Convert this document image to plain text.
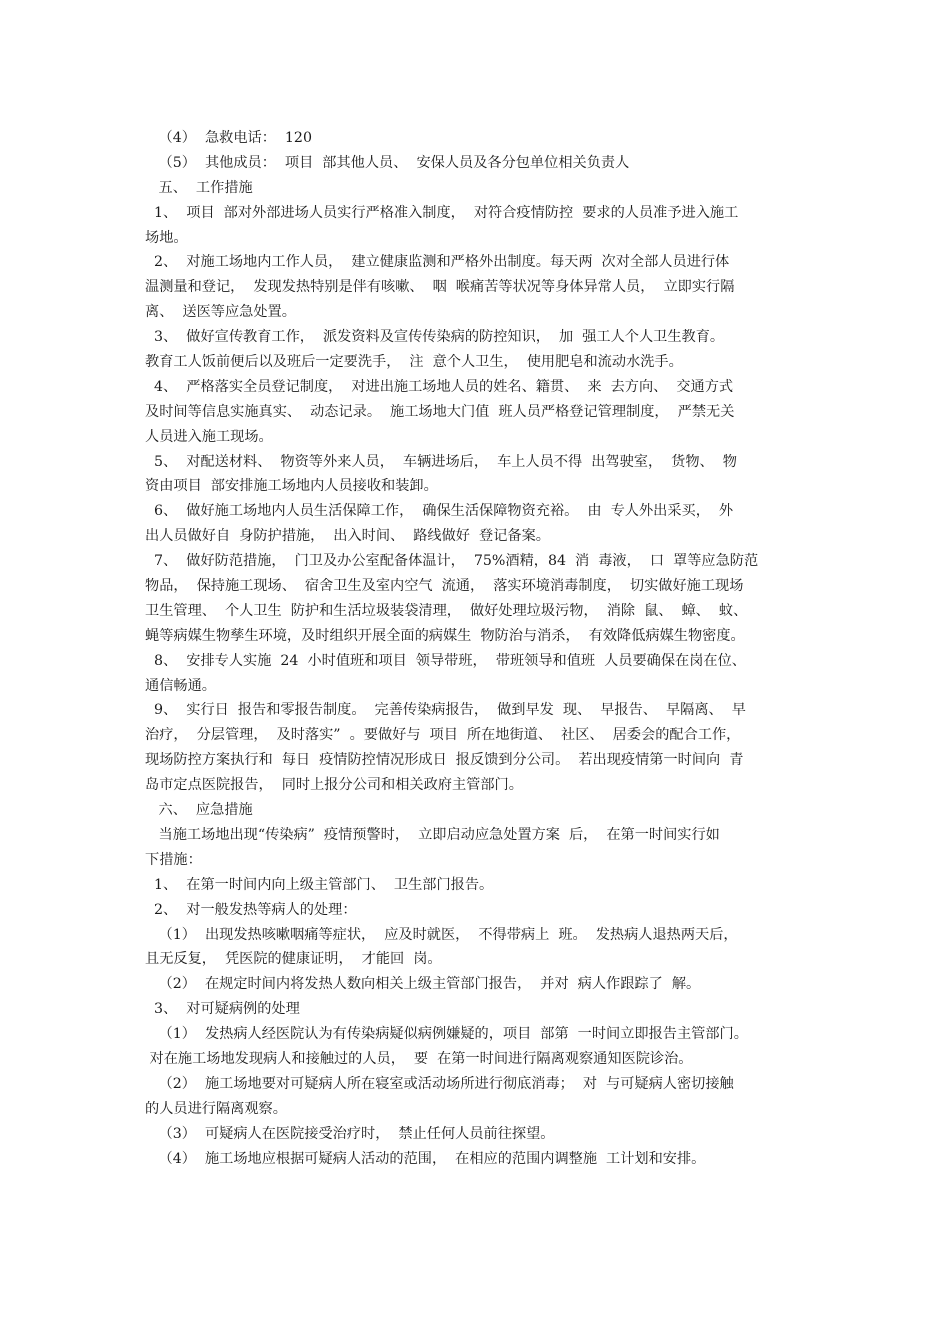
（4）  急救电话：  120
（5）  其他成员：  项目  部其他人员、  安保人员及各分包单位相关负责人
五、  工作措施
1、  项目  部对外部进场人员实行严格准入制度，  对符合疫情防控  要求的人员准予进入施工
场地。
2、  对施工场地内工作人员，  建立健康监测和严格外出制度。每天两  次对全部人员进行体
温测量和登记，  发现发热特别是伴有咳嗽、  咽  喉痛苦等状况等身体异常人员，  立即实行隔
离、  送医等应急处置。
3、  做好宣传教育工作，  派发资料及宣传传染病的防控知识，  加  强工人个人卫生教育。
教育工人饭前便后以及班后一定要洗手，  注  意个人卫生，  使用肥皂和流动水洗手。
4、  严格落实全员登记制度，  对进出施工场地人员的姓名、籍贯、  来  去方向、  交通方式
及时间等信息实施真实、  动态记录。  施工场地大门值  班人员严格登记管理制度，  严禁无关
人员进入施工现场。
5、  对配送材料、  物资等外来人员，  车辆进场后，  车上人员不得  出驾驶室，  货物、  物
资由项目  部安排施工场地内人员接收和装卸。
6、  做好施工场地内人员生活保障工作，  确保生活保障物资充裕。  由  专人外出采买，  外
出人员做好自  身防护措施，  出入时间、  路线做好  登记备案。
7、  做好防范措施，  门卫及办公室配备体温计，  75%酒精，84  消  毒液，  口  罩等应急防范
物品，  保持施工现场、  宿舍卫生及室内空气  流通，  落实环境消毒制度，  切实做好施工现场
卫生管理、  个人卫生  防护和生活垃圾装袋清理，  做好处理垃圾污物，  消除  鼠、  蟑、  蚊、
蝇等病媒生物孳生环境，及时组织开展全面的病媒生  物防治与消杀，  有效降低病媒生物密度。
8、  安排专人实施  24  小时值班和项目  领导带班，  带班领导和值班  人员要确保在岗在位、
通信畅通。
9、  实行日  报告和零报告制度。  完善传染病报告，  做到早发  现、  早报告、  早隔离、  早
治疗，  分层管理，  及时落实”  。要做好与  项目  所在地街道、  社区、  居委会的配合工作，
现场防控方案执行和  每日  疫情防控情况形成日  报反馈到分公司。  若出现疫情第一时间向  青
岛市定点医院报告，  同时上报分公司和相关政府主管部门。
六、  应急措施
当施工场地出现“传染病”  疫情预警时，  立即启动应急处置方案  后，  在第一时间实行如
下措施：
1、  在第一时间内向上级主管部门、  卫生部门报告。
2、  对一般发热等病人的处理：
（1）  出现发热咳嗽咽痛等症状，  应及时就医，  不得带病上  班。  发热病人退热两天后，
且无反复，  凭医院的健康证明，  才能回  岗。
（2）  在规定时间内将发热人数向相关上级主管部门报告，  并对  病人作跟踪了  解。
3、  对可疑病例的处理
（1）  发热病人经医院认为有传染病疑似病例嫌疑的，项目  部第  一时间立即报告主管部门。
对在施工场地发现病人和接触过的人员，  要  在第一时间进行隔离观察通知医院诊治。
（2）  施工场地要对可疑病人所在寝室或活动场所进行彻底消毒；  对  与可疑病人密切接触
的人员进行隔离观察。
（3）  可疑病人在医院接受治疗时，  禁止任何人员前往探望。
（4）  施工场地应根据可疑病人活动的范围，  在相应的范围内调整施  工计划和安排。
